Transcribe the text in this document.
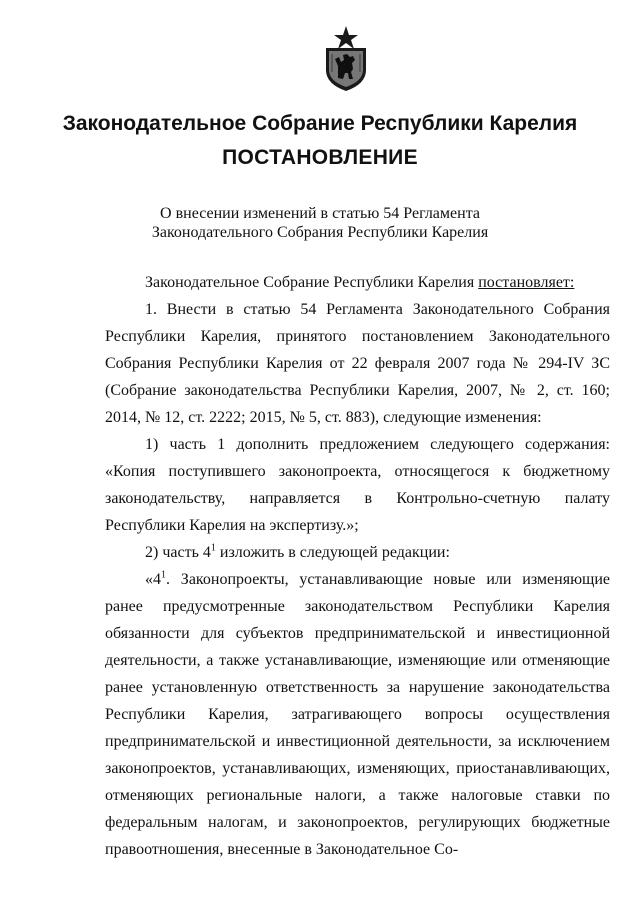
Законодательное Собрание Республики Карелия
ПОСТАНОВЛЕНИЕ
О внесении изменений в статью 54 Регламента
Законодательного Собрания Республики Карелия

Законодательное Собрание Республики Карелия постановляет:

1. Внести в статью 54 Регламента Законодательного Собрания Республики Карелия, принятого постановлением Законодательного Собрания Республики Карелия от 22 февраля 2007 года № 294-IV ЗС (Собрание законодательства Республики Карелия, 2007, № 2, ст. 160; 2014, № 12, ст. 2222; 2015, № 5, ст. 883), следующие изменения:

1) часть 1 дополнить предложением следующего содержания: «Копия поступившего законопроекта, относящегося к бюджетному законодательству, направляется в Контрольно-счетную палату Республики Карелия на экспертизу.»;

2) часть $4^1$ изложить в следующей редакции:

«$4^1$. Законопроекты, устанавливающие новые или изменяющие ранее предусмотренные законодательством Республики Карелия обязанности для субъектов предпринимательской и инвестиционной деятельности, а также устанавливающие, изменяющие или отменяющие ранее установленную ответственность за нарушение законодательства Республики Карелия, затрагивающего вопросы осуществления предпринимательской и инвестиционной деятельности, за исключением законопроектов, устанавливающих, изменяющих, приостанавливающих, отменяющих региональные налоги, а также налоговые ставки по федеральным налогам, и законопроектов, регулирующих бюджетные правоотношения, внесенные в Законодательное Со-
